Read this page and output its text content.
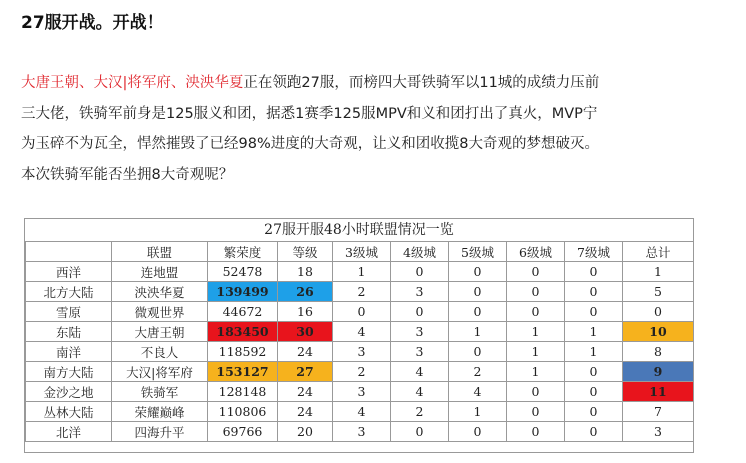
27服开战。开战！
大唐王朝、大汉|将军府、泱泱华夏正在领跑27服，而榜四大哥铁骑军以11城的成绩力压前
三大佬，铁骑军前身是125服义和团，据悉1赛季125服MPV和义和团打出了真火，MVP宁
为玉碎不为瓦全，悍然摧毁了已经98%进度的大奇观，让义和团收揽8大奇观的梦想破灭。
本次铁骑军能否坐拥8大奇观呢？
27服开服48小时联盟情况一览
	联盟	繁荣度	等级	3级城	4级城	5级城	6级城	7级城	总计
西洋	连地盟	52478	18	1	0	0	0	0	1
北方大陆	泱泱华夏	139499	26	2	3	0	0	0	5
雪原	微观世界	44672	16	0	0	0	0	0	0
东陆	大唐王朝	183450	30	4	3	1	1	1	10
南洋	不良人	118592	24	3	3	0	1	1	8
南方大陆	大汉|将军府	153127	27	2	4	2	1	0	9
金沙之地	铁骑军	128148	24	3	4	4	0	0	11
丛林大陆	荣耀巅峰	110806	24	4	2	1	0	0	7
北洋	四海升平	69766	20	3	0	0	0	0	3
